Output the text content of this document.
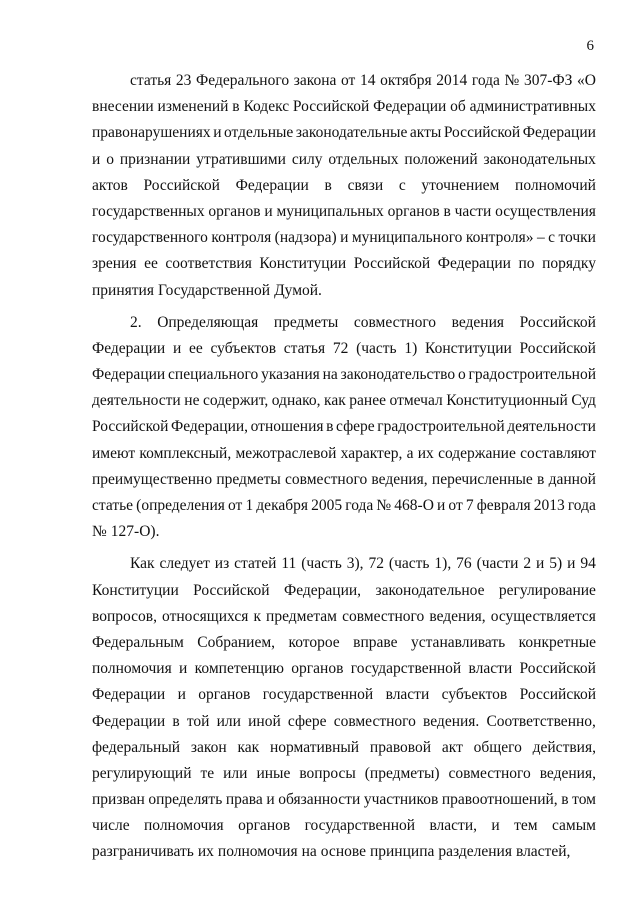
6
статья 23 Федерального закона от 14 октября 2014 года № 307-ФЗ «О
внесении изменений в Кодекс Российской Федерации об административных
правонарушениях и отдельные законодательные акты Российской Федерации
и о признании утратившими силу отдельных положений законодательных
актов Российской Федерации в связи с уточнением полномочий
государственных органов и муниципальных органов в части осуществления
государственного контроля (надзора) и муниципального контроля» – с точки
зрения ее соответствия Конституции Российской Федерации по порядку
принятия Государственной Думой.
2. Определяющая предметы совместного ведения Российской
Федерации и ее субъектов статья 72 (часть 1) Конституции Российской
Федерации специального указания на законодательство о градостроительной
деятельности не содержит, однако, как ранее отмечал Конституционный Суд
Российской Федерации, отношения в сфере градостроительной деятельности
имеют комплексный, межотраслевой характер, а их содержание составляют
преимущественно предметы совместного ведения, перечисленные в данной
статье (определения от 1 декабря 2005 года № 468-О и от 7 февраля 2013 года
№ 127-О).
Как следует из статей 11 (часть 3), 72 (часть 1), 76 (части 2 и 5) и 94
Конституции Российской Федерации, законодательное регулирование
вопросов, относящихся к предметам совместного ведения, осуществляется
Федеральным Собранием, которое вправе устанавливать конкретные
полномочия и компетенцию органов государственной власти Российской
Федерации и органов государственной власти субъектов Российской
Федерации в той или иной сфере совместного ведения. Соответственно,
федеральный закон как нормативный правовой акт общего действия,
регулирующий те или иные вопросы (предметы) совместного ведения,
призван определять права и обязанности участников правоотношений, в том
числе полномочия органов государственной власти, и тем самым
разграничивать их полномочия на основе принципа разделения властей,
